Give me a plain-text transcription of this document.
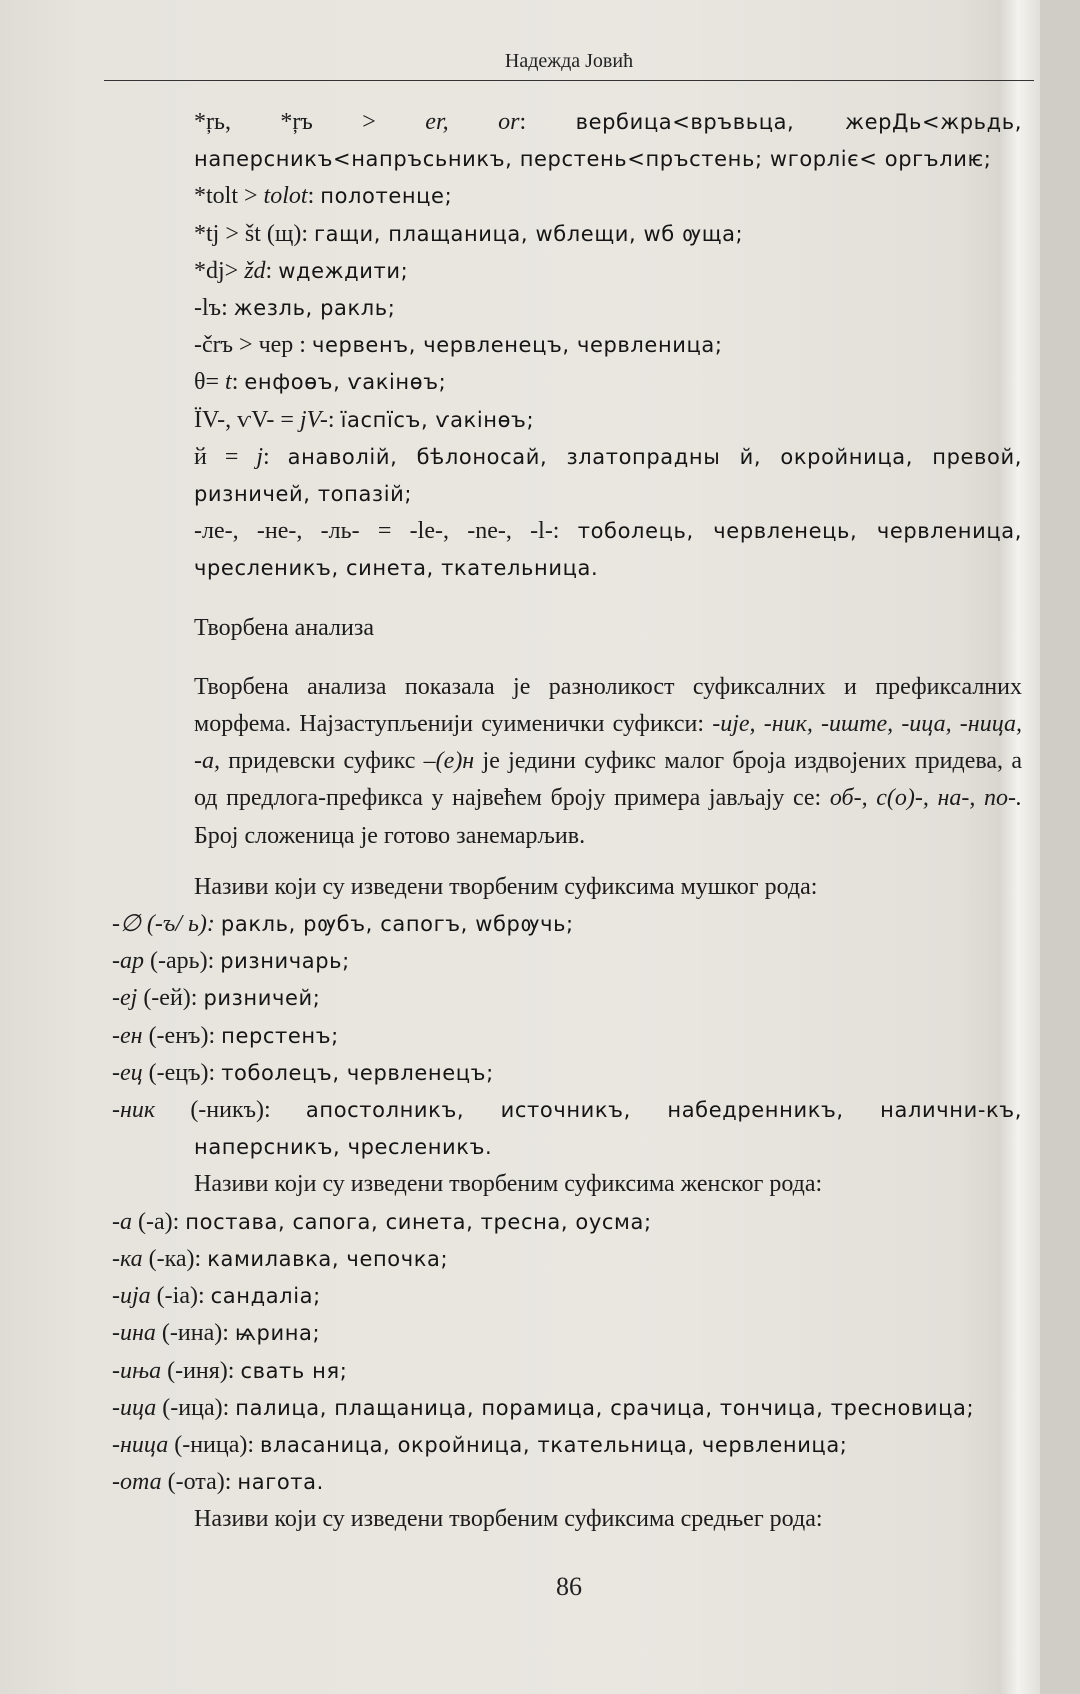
Надежда Јовић

*ŗь, *ŗъ > er, or: вербица<връвьца, жерДь<жрьдь, наперсникъ<напръсьникъ, перстень<пръстень; wгорліє< оргълиѥ;

*tolt > tolot: полотенце;

*tj > št (щ): гащи, плащаница, wблещи, wб ѹща;

*dj> žd: wдеждити;

-lъ: жезль, ракль;

-črъ > чер : червенъ, червленецъ, червленица;

θ= t: енфоѳъ, ѵакінѳъ;

ЇV-, ѵV- = jV-: їаспїсъ, ѵакінѳъ;

й = j: анаволій, бѣлоносай, златопрадны й, окройница, превой, ризничей, топазій;

-ле-, -не-, -ль- = -le-, -ne-, -l-: тоболець, червленець, червленица, чресленикъ, синета, ткательница.

Творбена анализа

Творбена анализа показала је разноликост суфиксалних и префиксалних морфема. Најзаступљенији суименички суфикси: -ије, -ник, -иште, -ица, -ница, -а, придевски суфикс –(е)н је једини суфикс малог броја издвојених придева, а од предлога-префикса у највећем броју примера јављају се: об-, с(о)-, на-, по-. Број сложеница је готово занемарљив.

Називи који су изведени творбеним суфиксима мушког рода:

-∅ (-ъ/ ь): ракль, рѹбъ, сапогъ, wбрѹчь;

-ар (-арь): ризничарь;

-еј (-ей): ризничей;

-ен (-енъ): перстенъ;

-ец (-ецъ): тоболецъ, червленецъ;

-ник (-никъ): апостолникъ, источникъ, набедренникъ, налични-къ, наперсникъ, чресленикъ.

Називи који су изведени творбеним суфиксима женског рода:

-а (-а): постава, сапога, синета, тресна, оусма;

-ка (-ка): камилавка, чепочка;

-ија (-іа): сандаліа;

-ина (-ина): ѩрина;

-иња (-иня): свать ня;

-ица (-ица): палица, плащаница, порамица, срачица, тончица, тресновица;

-ница (-ница): власаница, окройница, ткательница, червленица;

-ота (-ота): нагота.

Називи који су изведени творбеним суфиксима средњег рода:

86
